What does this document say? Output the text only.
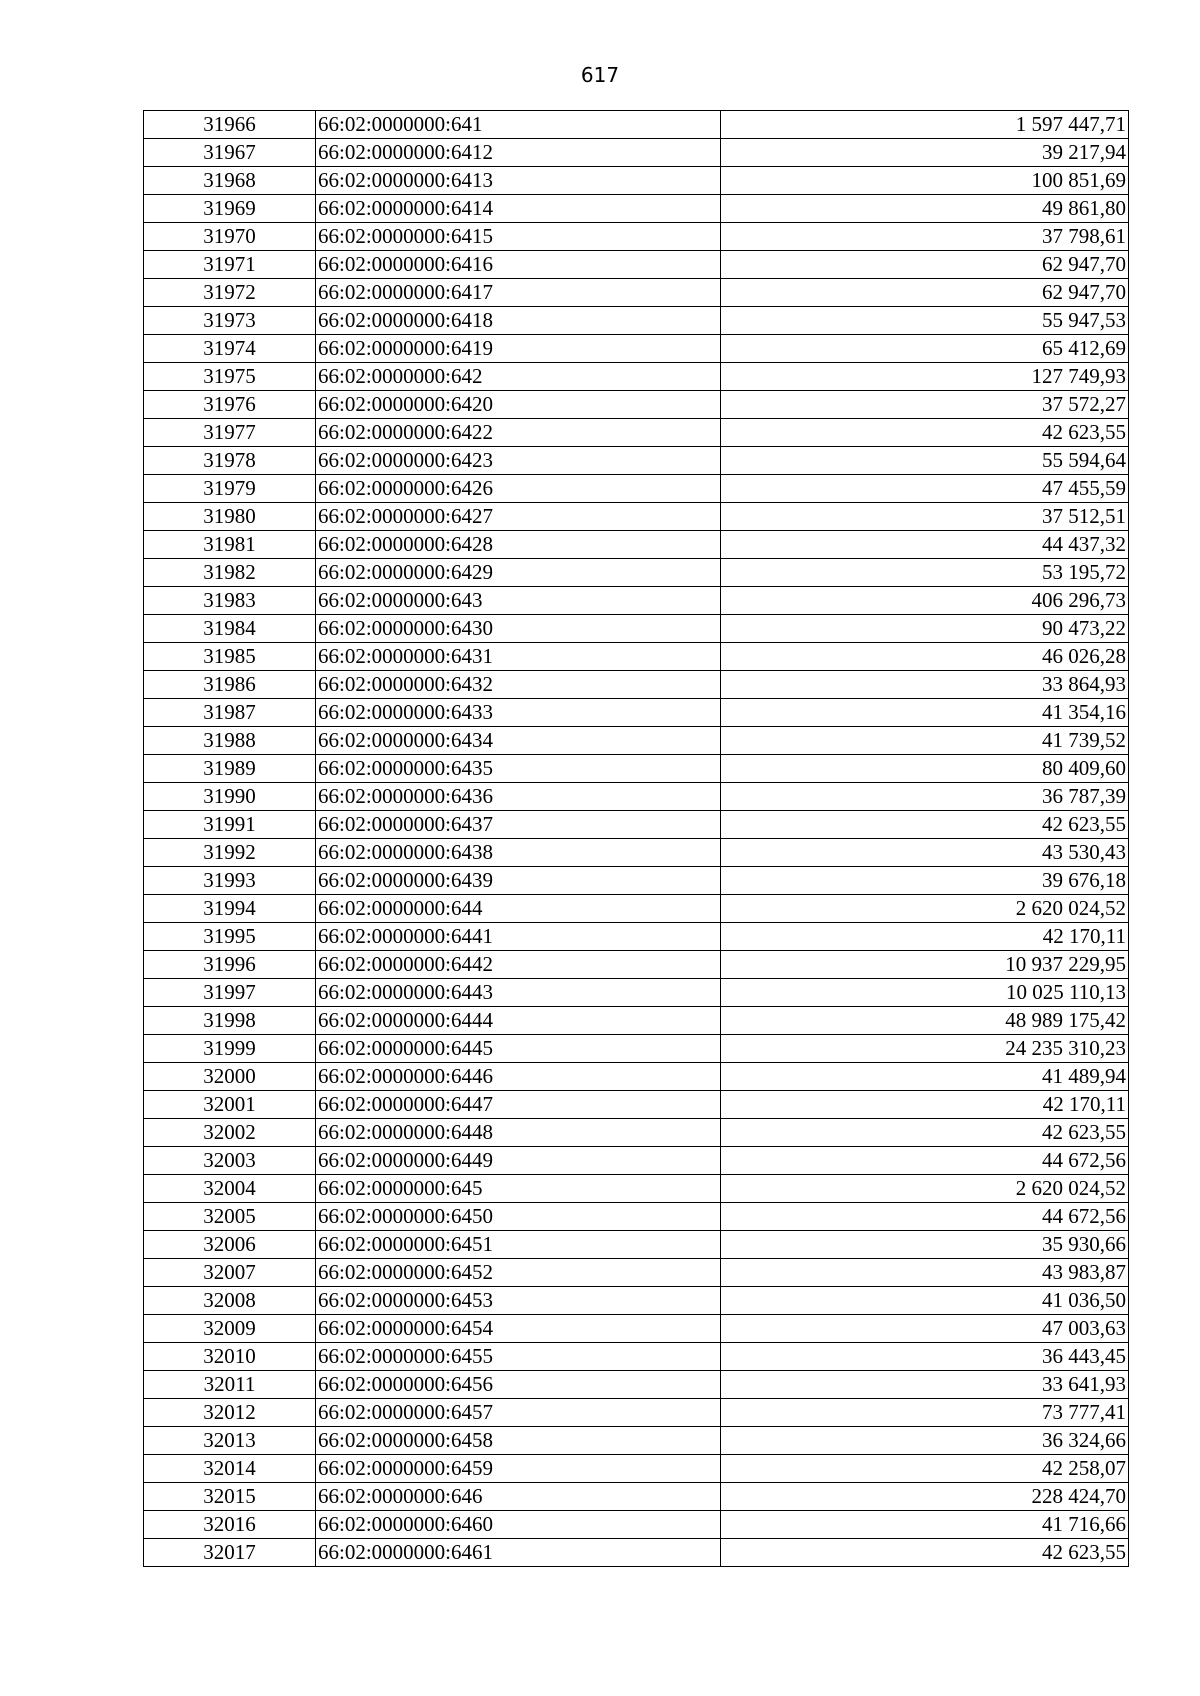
617
31966	66:02:0000000:641	1 597 447,71
31967	66:02:0000000:6412	39 217,94
31968	66:02:0000000:6413	100 851,69
31969	66:02:0000000:6414	49 861,80
31970	66:02:0000000:6415	37 798,61
31971	66:02:0000000:6416	62 947,70
31972	66:02:0000000:6417	62 947,70
31973	66:02:0000000:6418	55 947,53
31974	66:02:0000000:6419	65 412,69
31975	66:02:0000000:642	127 749,93
31976	66:02:0000000:6420	37 572,27
31977	66:02:0000000:6422	42 623,55
31978	66:02:0000000:6423	55 594,64
31979	66:02:0000000:6426	47 455,59
31980	66:02:0000000:6427	37 512,51
31981	66:02:0000000:6428	44 437,32
31982	66:02:0000000:6429	53 195,72
31983	66:02:0000000:643	406 296,73
31984	66:02:0000000:6430	90 473,22
31985	66:02:0000000:6431	46 026,28
31986	66:02:0000000:6432	33 864,93
31987	66:02:0000000:6433	41 354,16
31988	66:02:0000000:6434	41 739,52
31989	66:02:0000000:6435	80 409,60
31990	66:02:0000000:6436	36 787,39
31991	66:02:0000000:6437	42 623,55
31992	66:02:0000000:6438	43 530,43
31993	66:02:0000000:6439	39 676,18
31994	66:02:0000000:644	2 620 024,52
31995	66:02:0000000:6441	42 170,11
31996	66:02:0000000:6442	10 937 229,95
31997	66:02:0000000:6443	10 025 110,13
31998	66:02:0000000:6444	48 989 175,42
31999	66:02:0000000:6445	24 235 310,23
32000	66:02:0000000:6446	41 489,94
32001	66:02:0000000:6447	42 170,11
32002	66:02:0000000:6448	42 623,55
32003	66:02:0000000:6449	44 672,56
32004	66:02:0000000:645	2 620 024,52
32005	66:02:0000000:6450	44 672,56
32006	66:02:0000000:6451	35 930,66
32007	66:02:0000000:6452	43 983,87
32008	66:02:0000000:6453	41 036,50
32009	66:02:0000000:6454	47 003,63
32010	66:02:0000000:6455	36 443,45
32011	66:02:0000000:6456	33 641,93
32012	66:02:0000000:6457	73 777,41
32013	66:02:0000000:6458	36 324,66
32014	66:02:0000000:6459	42 258,07
32015	66:02:0000000:646	228 424,70
32016	66:02:0000000:6460	41 716,66
32017	66:02:0000000:6461	42 623,55
